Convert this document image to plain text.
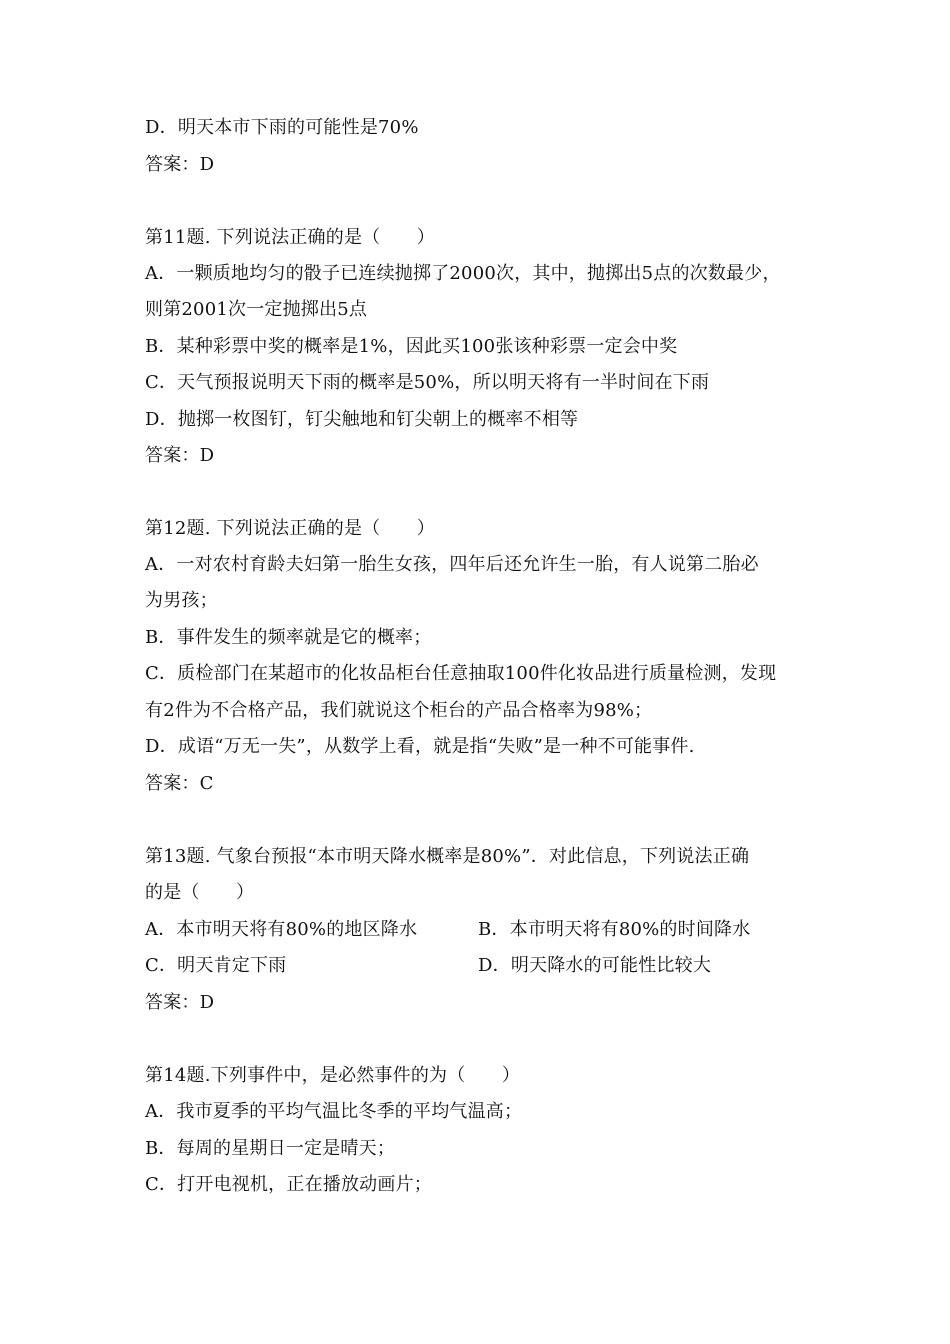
D．明天本市下雨的可能性是70%
答案：D
第11题. 下列说法正确的是（　　）
A．一颗质地均匀的骰子已连续抛掷了2000次，其中，抛掷出5点的次数最少，
则第2001次一定抛掷出5点
B．某种彩票中奖的概率是1%，因此买100张该种彩票一定会中奖
C．天气预报说明天下雨的概率是50%，所以明天将有一半时间在下雨
D．抛掷一枚图钉，钉尖触地和钉尖朝上的概率不相等
答案：D
第12题. 下列说法正确的是（　　）
A．一对农村育龄夫妇第一胎生女孩，四年后还允许生一胎，有人说第二胎必
为男孩；
B．事件发生的频率就是它的概率；
C．质检部门在某超市的化妆品柜台任意抽取100件化妆品进行质量检测，发现
有2件为不合格产品，我们就说这个柜台的产品合格率为98%；
D．成语“万无一失”，从数学上看，就是指“失败”是一种不可能事件.
答案：C
第13题. 气象台预报“本市明天降水概率是80%”．对此信息，下列说法正确
的是（　　）
A．本市明天将有80%的地区降水	B．本市明天将有80%的时间降水
C．明天肯定下雨	D．明天降水的可能性比较大
答案：D
第14题.下列事件中，是必然事件的为（　　）
A．我市夏季的平均气温比冬季的平均气温高；
B．每周的星期日一定是晴天；
C．打开电视机，正在播放动画片；
